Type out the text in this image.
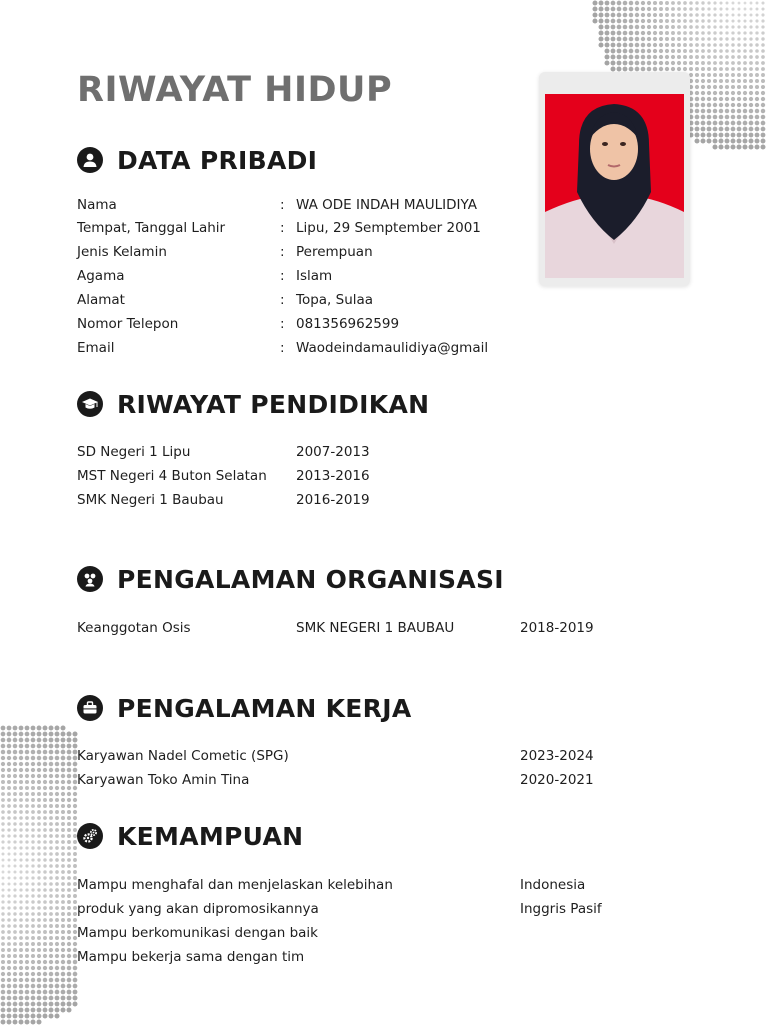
RIWAYAT HIDUP
DATA PRIBADI
Nama	: WA ODE INDAH MAULIDIYA
Tempat, Tanggal Lahir	: Lipu, 29 Semptember 2001
Jenis Kelamin	: Perempuan
Agama	: Islam
Alamat	: Topa, Sulaa
Nomor Telepon	: 081356962599
Email	: Waodeindamaulidiya@gmail
RIWAYAT PENDIDIKAN
SD Negeri 1 Lipu	2007-2013
MST Negeri 4 Buton Selatan 2013-2016
SMK Negeri 1 Baubau	2016-2019
PENGALAMAN ORGANISASI
Keanggotan Osis	SMK NEGERI 1 BAUBAU	2018-2019
PENGALAMAN KERJA
Karyawan Nadel Cometic (SPG)	2023-2024
Karyawan Toko Amin Tina	2020-2021
KEMAMPUAN
Mampu menghafal dan menjelaskan kelebihan
produk yang akan dipromosikannya
Mampu berkomunikasi dengan baik
Mampu bekerja sama dengan tim
Indonesia
Inggris Pasif
